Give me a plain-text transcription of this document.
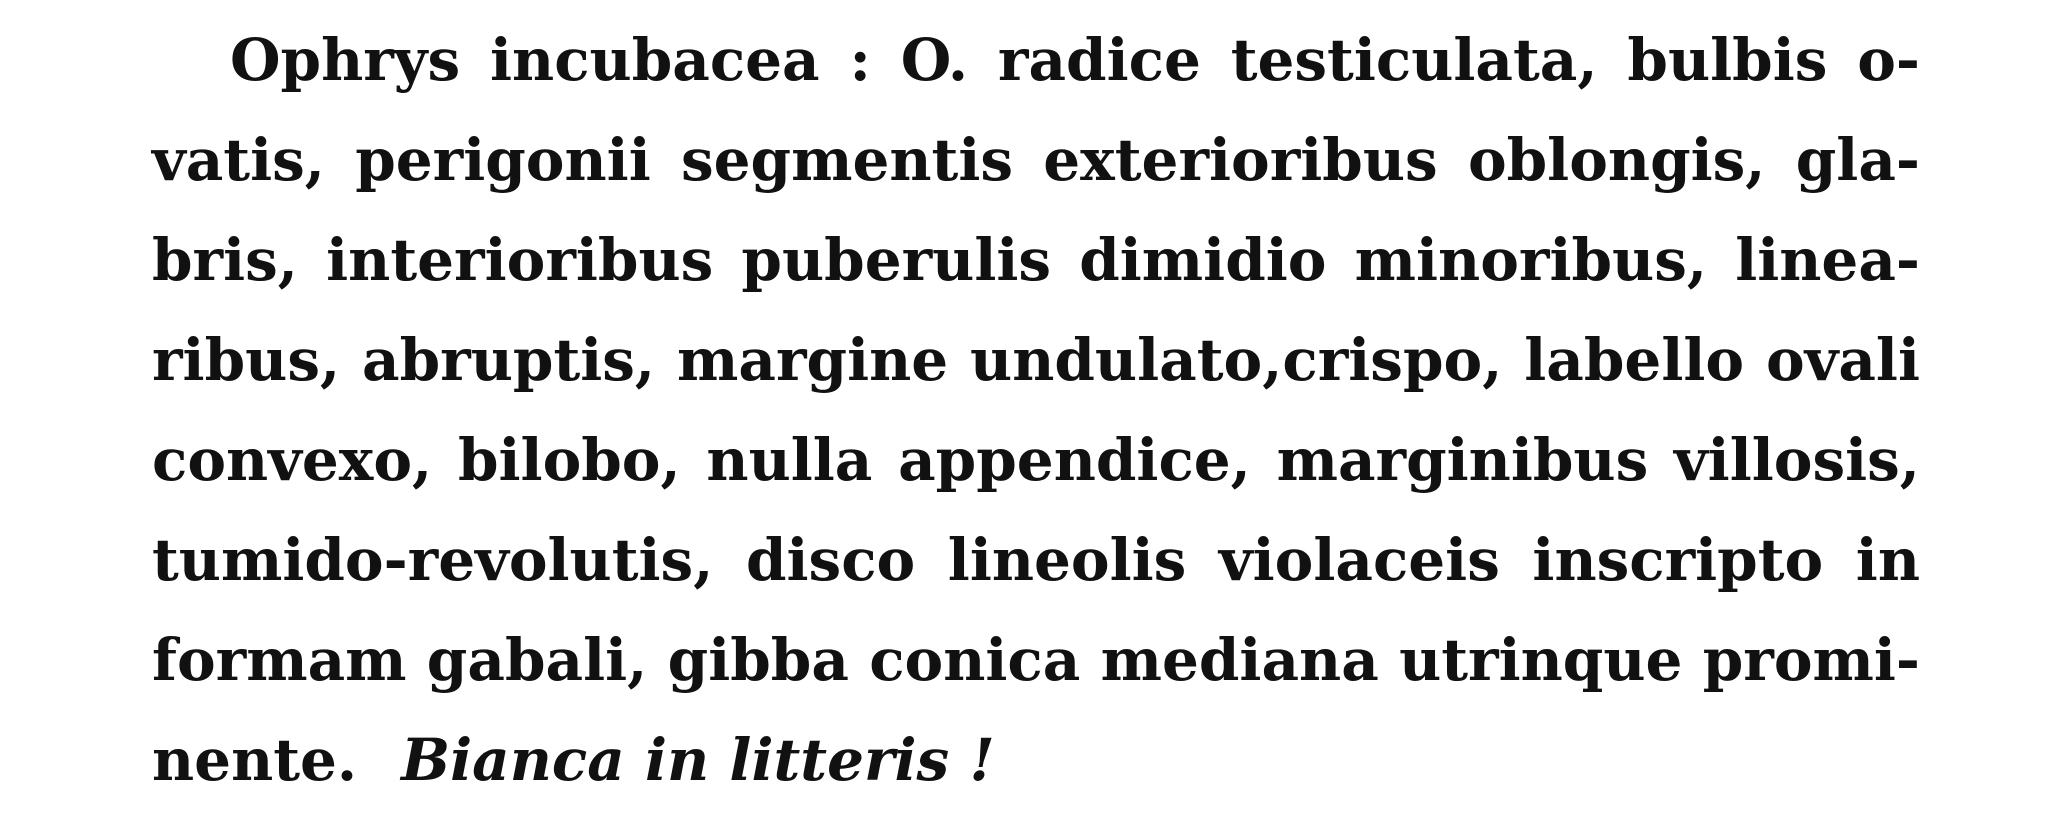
Ophrys incubacea : O. radice testiculata, bulbis o-
vatis, perigonii segmentis exterioribus oblongis, gla-
bris, interioribus puberulis dimidio minoribus, linea-
ribus, abruptis, margine undulato,crispo, labello ovali
convexo, bilobo, nulla appendice, marginibus villosis,
tumido-revolutis, disco lineolis violaceis inscripto in
formam gabali, gibba conica mediana utrinque promi-
nente. Bianca in litteris !
